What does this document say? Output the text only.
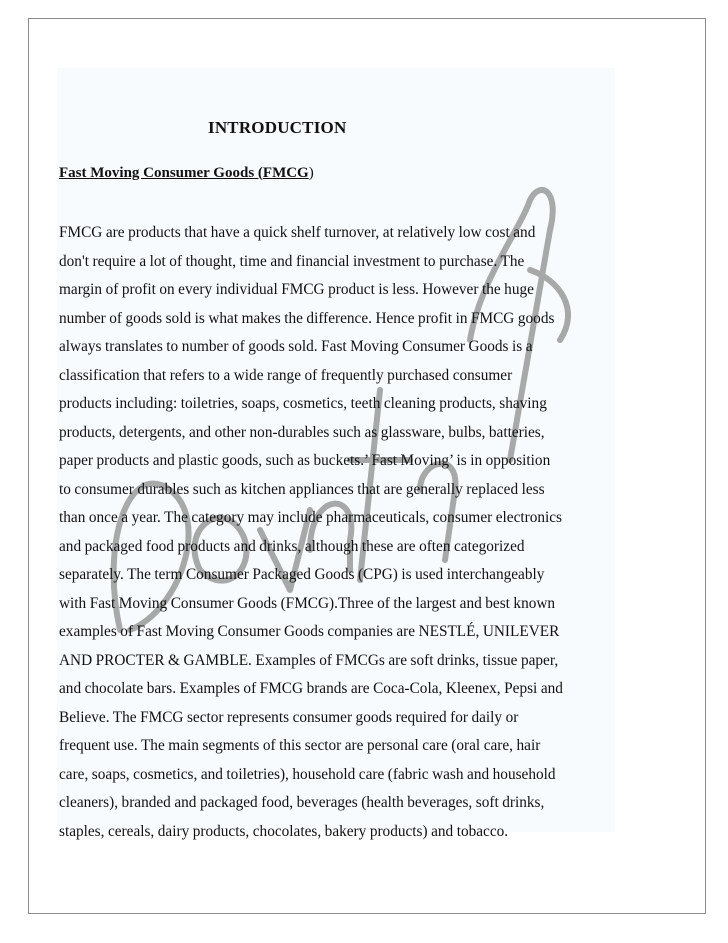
INTRODUCTION
Fast Moving Consumer Goods (FMCG)
FMCG are products that have a quick shelf turnover, at relatively low cost and
don't require a lot of thought, time and financial investment to purchase. The
margin of profit on every individual FMCG product is less. However the huge
number of goods sold is what makes the difference. Hence profit in FMCG goods
always translates to number of goods sold. Fast Moving Consumer Goods is a
classification that refers to a wide range of frequently purchased consumer
products including: toiletries, soaps, cosmetics, teeth cleaning products, shaving
products, detergents, and other non-durables such as glassware, bulbs, batteries,
paper products and plastic goods, such as buckets.’ Fast Moving’ is in opposition
to consumer durables such as kitchen appliances that are generally replaced less
than once a year. The category may include pharmaceuticals, consumer electronics
and packaged food products and drinks, although these are often categorized
separately. The term Consumer Packaged Goods (CPG) is used interchangeably
with Fast Moving Consumer Goods (FMCG).Three of the largest and best known
examples of Fast Moving Consumer Goods companies are NESTLÉ, UNILEVER
AND PROCTER & GAMBLE. Examples of FMCGs are soft drinks, tissue paper,
and chocolate bars. Examples of FMCG brands are Coca-Cola, Kleenex, Pepsi and
Believe. The FMCG sector represents consumer goods required for daily or
frequent use. The main segments of this sector are personal care (oral care, hair
care, soaps, cosmetics, and toiletries), household care (fabric wash and household
cleaners), branded and packaged food, beverages (health beverages, soft drinks,
staples, cereals, dairy products, chocolates, bakery products) and tobacco.
